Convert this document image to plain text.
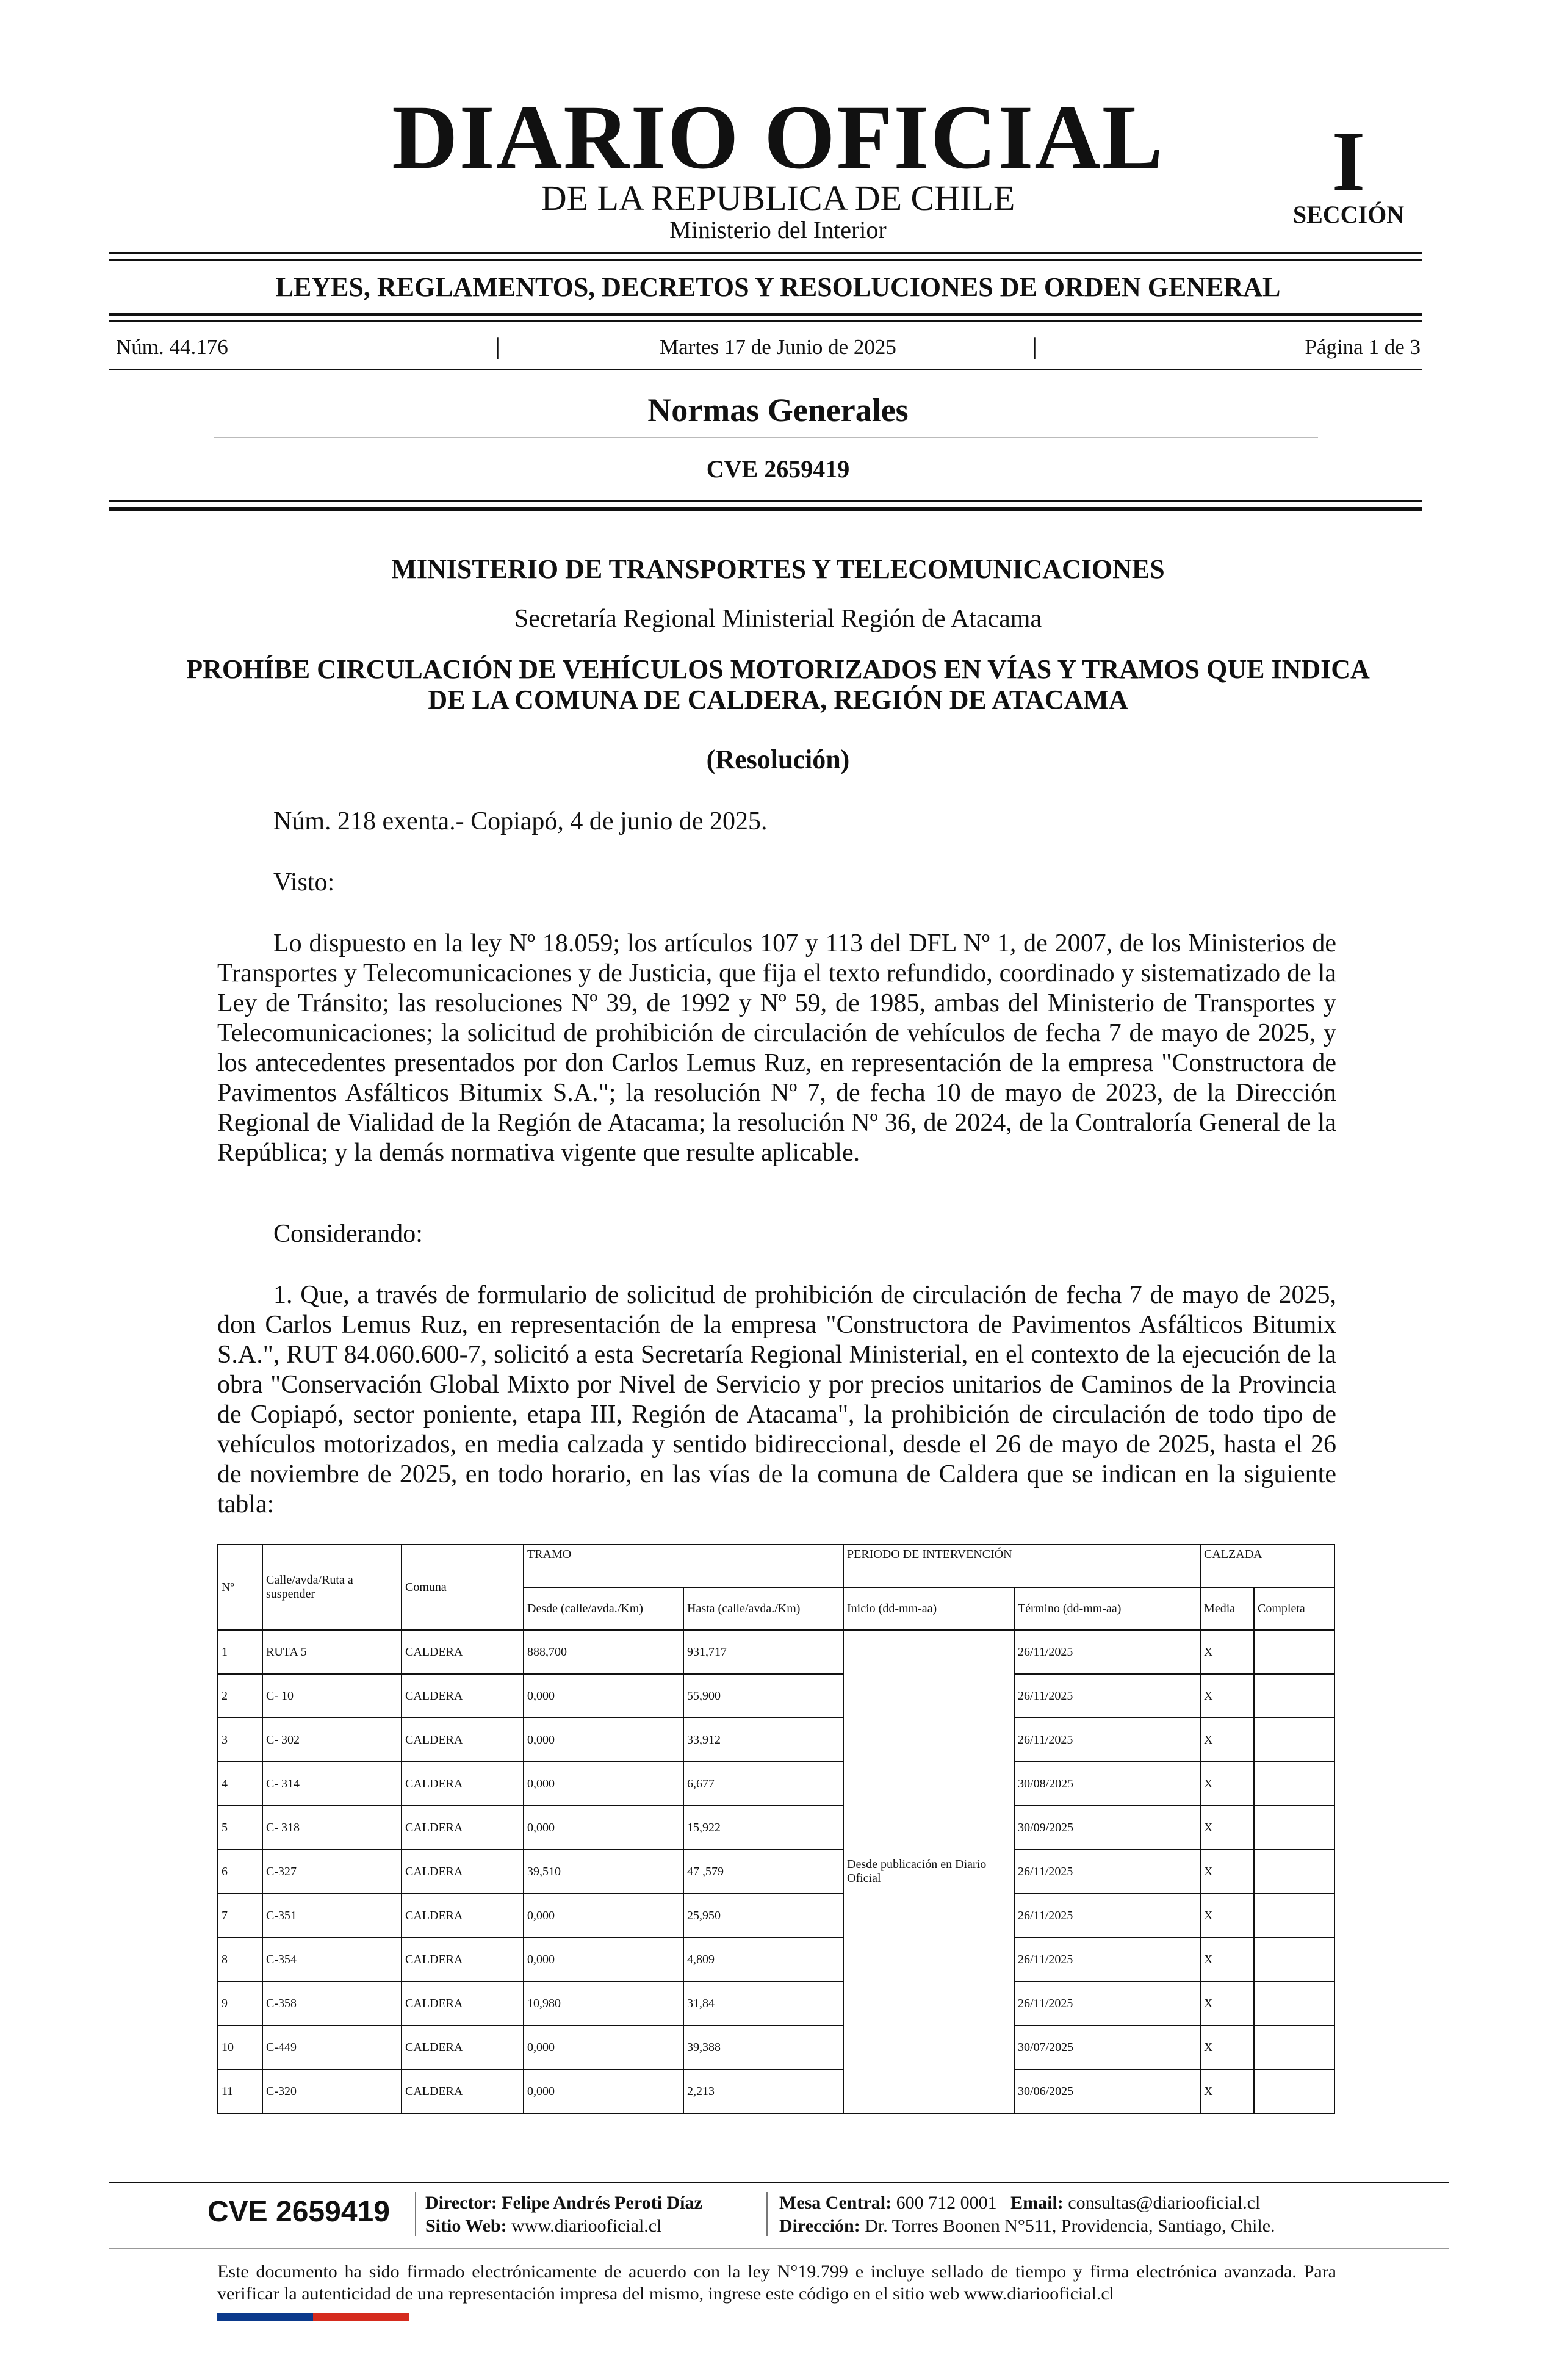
DIARIO OFICIAL
DE LA REPUBLICA DE CHILE
Ministerio del Interior
I
SECCIÓN
LEYES, REGLAMENTOS, DECRETOS Y RESOLUCIONES DE ORDEN GENERAL
Núm. 44.176	|	Martes 17 de Junio de 2025	|	Página 1 de 3
Normas Generales
CVE 2659419
MINISTERIO DE TRANSPORTES Y TELECOMUNICACIONES
Secretaría Regional Ministerial Región de Atacama
PROHÍBE CIRCULACIÓN DE VEHÍCULOS MOTORIZADOS EN VÍAS Y TRAMOS QUE INDICA DE LA COMUNA DE CALDERA, REGIÓN DE ATACAMA
(Resolución)
Núm. 218 exenta.- Copiapó, 4 de junio de 2025.
Visto:
Lo dispuesto en la ley Nº 18.059; los artículos 107 y 113 del DFL Nº 1, de 2007, de los Ministerios de Transportes y Telecomunicaciones y de Justicia, que fija el texto refundido, coordinado y sistematizado de la Ley de Tránsito; las resoluciones Nº 39, de 1992 y Nº 59, de 1985, ambas del Ministerio de Transportes y Telecomunicaciones; la solicitud de prohibición de circulación de vehículos de fecha 7 de mayo de 2025, y los antecedentes presentados por don Carlos Lemus Ruz, en representación de la empresa "Constructora de Pavimentos Asfálticos Bitumix S.A."; la resolución Nº 7, de fecha 10 de mayo de 2023, de la Dirección Regional de Vialidad de la Región de Atacama; la resolución Nº 36, de 2024, de la Contraloría General de la República; y la demás normativa vigente que resulte aplicable.
Considerando:
1. Que, a través de formulario de solicitud de prohibición de circulación de fecha 7 de mayo de 2025, don Carlos Lemus Ruz, en representación de la empresa "Constructora de Pavimentos Asfálticos Bitumix S.A.", RUT 84.060.600-7, solicitó a esta Secretaría Regional Ministerial, en el contexto de la ejecución de la obra "Conservación Global Mixto por Nivel de Servicio y por precios unitarios de Caminos de la Provincia de Copiapó, sector poniente, etapa III, Región de Atacama", la prohibición de circulación de todo tipo de vehículos motorizados, en media calzada y sentido bidireccional, desde el 26 de mayo de 2025, hasta el 26 de noviembre de 2025, en todo horario, en las vías de la comuna de Caldera que se indican en la siguiente tabla:
Nº	Calle/avda/Ruta a suspender	Comuna	TRAMO		PERIODO DE INTERVENCIÓN		CALZADA	
			Desde (calle/avda./Km)	Hasta (calle/avda./Km)	Inicio (dd-mm-aa)	Término (dd-mm-aa)	Media	Completa
1	RUTA 5	CALDERA	888,700	931,717	Desde publicación en Diario Oficial	26/11/2025	X	
2	C- 10	CALDERA	0,000	55,900		26/11/2025	X	
3	C- 302	CALDERA	0,000	33,912		26/11/2025	X	
4	C- 314	CALDERA	0,000	6,677		30/08/2025	X	
5	C- 318	CALDERA	0,000	15,922		30/09/2025	X	
6	C-327	CALDERA	39,510	47 ,579		26/11/2025	X	
7	C-351	CALDERA	0,000	25,950		26/11/2025	X	
8	C-354	CALDERA	0,000	4,809		26/11/2025	X	
9	C-358	CALDERA	10,980	31,84		26/11/2025	X	
10	C-449	CALDERA	0,000	39,388		30/07/2025	X	
11	C-320	CALDERA	0,000	2,213		30/06/2025	X	
CVE 2659419	Director: Felipe Andrés Peroti Díaz
Sitio Web: www.diariooficial.cl
Mesa Central: 600 712 0001 Email: consultas@diariooficial.cl
Dirección: Dr. Torres Boonen N°511, Providencia, Santiago, Chile.
Este documento ha sido firmado electrónicamente de acuerdo con la ley N°19.799 e incluye sellado de tiempo y firma electrónica avanzada. Para verificar la autenticidad de una representación impresa del mismo, ingrese este código en el sitio web www.diariooficial.cl
